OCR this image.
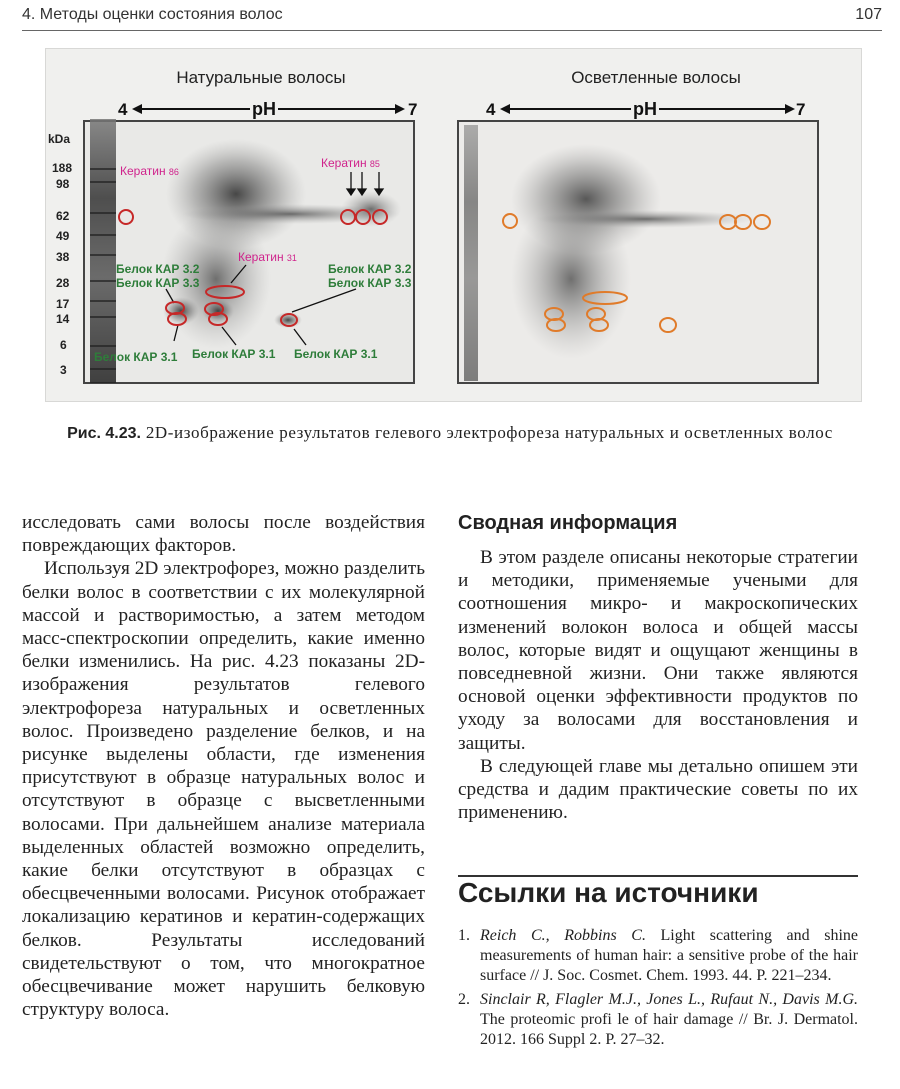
4. Методы оценки состояния волос	107
Натуральные волосы	Осветленные волосы
4	pH	7	4	pH	7
kDa
188
98
62
49
38
28
17
14
6
3
Кератин 86
Кератин 85
Кератин 31
Белок КАР 3.2
Белок КАР 3.3
Белок КАР 3.2
Белок КАР 3.3
Белок КАР 3.1 Белок КАР 3.1 Белок КАР 3.1
Рис. 4.23. 2D-изображение результатов гелевого электрофореза натуральных и осветленных волос

исследовать сами волосы после воздействия повреждающих факторов.

Используя 2D электрофорез, можно разделить белки волос в соответствии с их молекулярной массой и растворимостью, а затем методом масс-спектроскопии определить, какие именно белки изменились. На рис. 4.23 показаны 2D-изображения результатов гелевого электрофореза натуральных и осветленных волос. Произведено разделение белков, и на рисунке выделены области, где изменения присутствуют в образце натуральных волос и отсутствуют в образце с высветленными волосами. При дальнейшем анализе материала выделенных областей возможно определить, какие белки отсутствуют в образцах с обесцвеченными волосами. Рисунок отображает локализацию кератинов и кератин-содержащих белков. Результаты исследований свидетельствуют о том, что многократное обесцвечивание может нарушить белковую структуру волоса.

Сводная информация

В этом разделе описаны некоторые стратегии и методики, применяемые учеными для соотношения микро- и макроскопических изменений волокон волоса и общей массы волос, которые видят и ощущают женщины в повседневной жизни. Они также являются основой оценки эффективности продуктов по уходу за волосами для восстановления и защиты.

В следующей главе мы детально опишем эти средства и дадим практические советы по их применению.

Ссылки на источники
1. Reich C., Robbins C. Light scattering and shine measurements of human hair: a sensitive probe of the hair surface // J. Soc. Cosmet. Chem. 1993. 44. P. 221–234.
2. Sinclair R, Flagler M.J., Jones L., Rufaut N., Davis M.G. The proteomic profi le of hair damage // Br. J. Dermatol. 2012. 166 Suppl 2. P. 27–32.
